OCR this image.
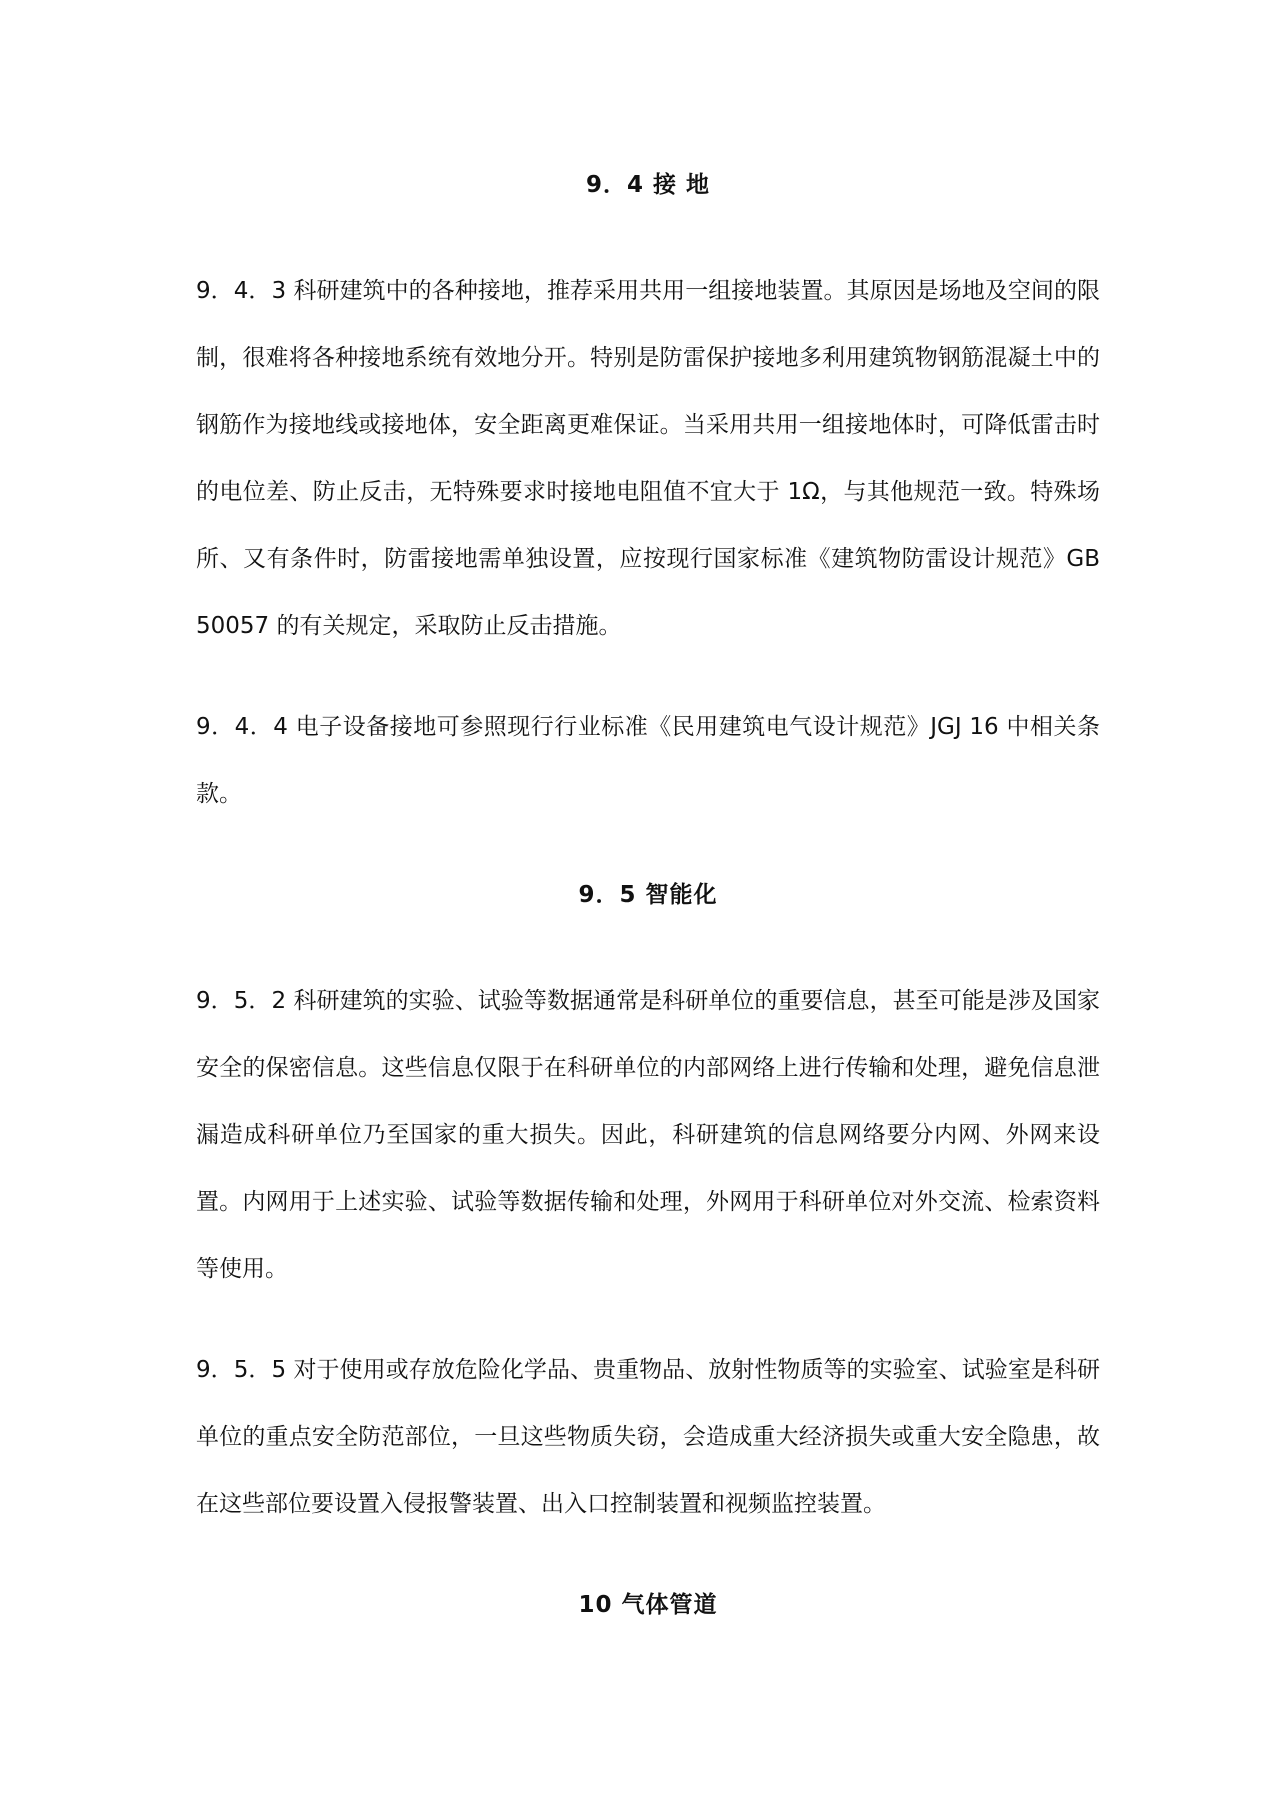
9．4 接 地

9．4．3 科研建筑中的各种接地，推荐采用共用一组接地装置。其原因是场地及空间的限制，很难将各种接地系统有效地分开。特别是防雷保护接地多利用建筑物钢筋混凝土中的钢筋作为接地线或接地体，安全距离更难保证。当采用共用一组接地体时，可降低雷击时的电位差、防止反击，无特殊要求时接地电阻值不宜大于 1Ω，与其他规范一致。特殊场所、又有条件时，防雷接地需单独设置，应按现行国家标准《建筑物防雷设计规范》GB 50057 的有关规定，采取防止反击措施。

9．4．4 电子设备接地可参照现行行业标准《民用建筑电气设计规范》JGJ 16 中相关条款。

9．5 智能化

9．5．2 科研建筑的实验、试验等数据通常是科研单位的重要信息，甚至可能是涉及国家安全的保密信息。这些信息仅限于在科研单位的内部网络上进行传输和处理，避免信息泄漏造成科研单位乃至国家的重大损失。因此，科研建筑的信息网络要分内网、外网来设置。内网用于上述实验、试验等数据传输和处理，外网用于科研单位对外交流、检索资料等使用。

9．5．5 对于使用或存放危险化学品、贵重物品、放射性物质等的实验室、试验室是科研单位的重点安全防范部位，一旦这些物质失窃，会造成重大经济损失或重大安全隐患，故在这些部位要设置入侵报警装置、出入口控制装置和视频监控装置。

10 气体管道
